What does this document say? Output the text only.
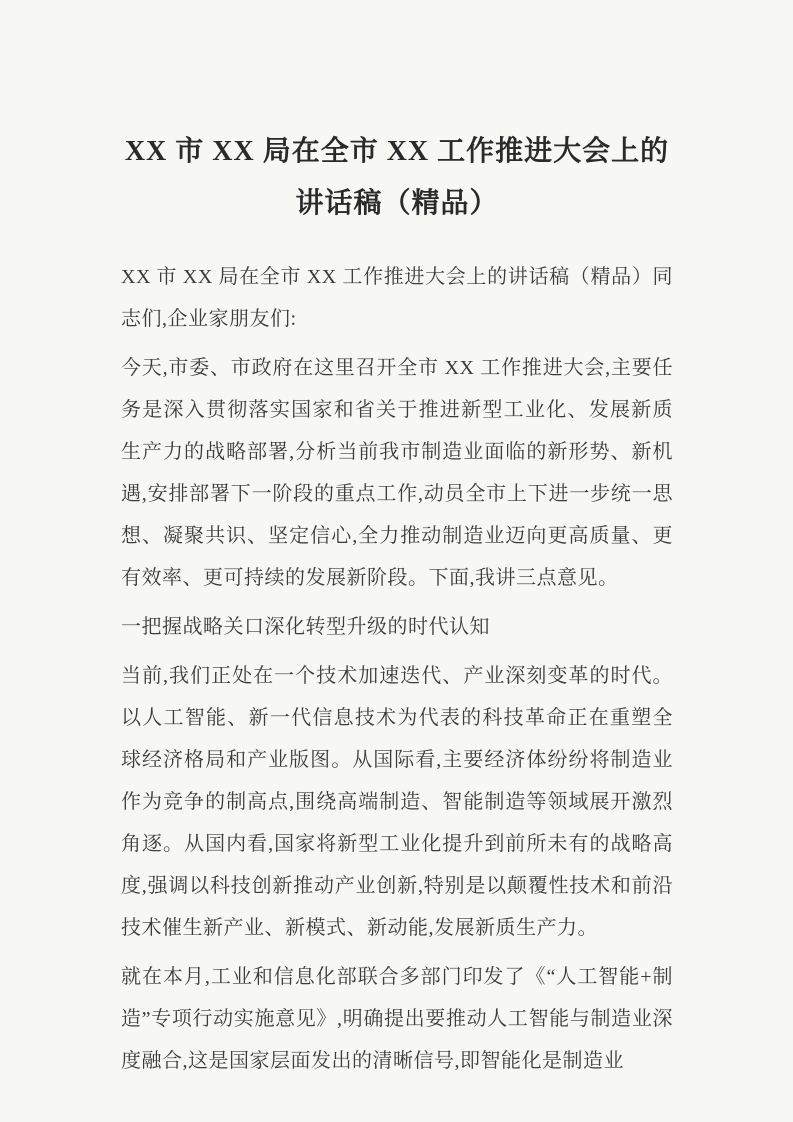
XX 市 XX 局在全市 XX 工作推进大会上的讲话稿（精品）

XX 市 XX 局在全市 XX 工作推进大会上的讲话稿（精品）同志们,企业家朋友们:

今天,市委、市政府在这里召开全市 XX 工作推进大会,主要任务是深入贯彻落实国家和省关于推进新型工业化、发展新质生产力的战略部署,分析当前我市制造业面临的新形势、新机遇,安排部署下一阶段的重点工作,动员全市上下进一步统一思想、凝聚共识、坚定信心,全力推动制造业迈向更高质量、更有效率、更可持续的发展新阶段。下面,我讲三点意见。

一把握战略关口深化转型升级的时代认知

当前,我们正处在一个技术加速迭代、产业深刻变革的时代。以人工智能、新一代信息技术为代表的科技革命正在重塑全球经济格局和产业版图。从国际看,主要经济体纷纷将制造业作为竞争的制高点,围绕高端制造、智能制造等领域展开激烈角逐。从国内看,国家将新型工业化提升到前所未有的战略高度,强调以科技创新推动产业创新,特别是以颠覆性技术和前沿技术催生新产业、新模式、新动能,发展新质生产力。

就在本月,工业和信息化部联合多部门印发了《“人工智能+制造”专项行动实施意见》,明确提出要推动人工智能与制造业深度融合,这是国家层面发出的清晰信号,即智能化是制造业
